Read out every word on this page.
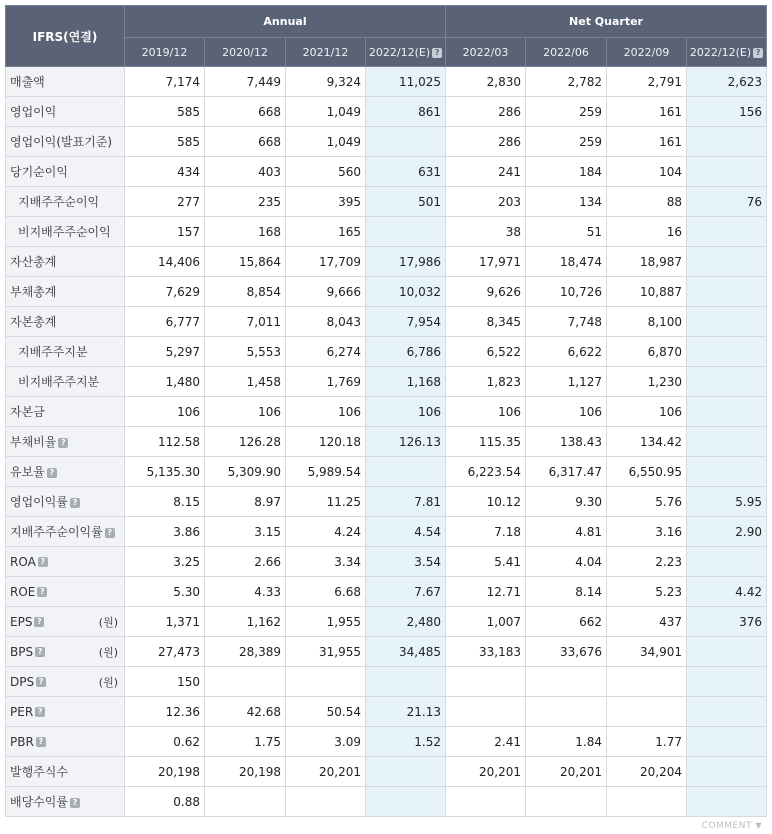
IFRS(연결)	Annual				Net Quarter			
	2019/12	2020/12	2021/12	2022/12(E) ?	2022/03	2022/06	2022/09	2022/12(E) ?
매출액	7,174	7,449	9,324	11,025	2,830	2,782	2,791	2,623
영업이익	585	668	1,049	861	286	259	161	156
영업이익(발표기준)	585	668	1,049		286	259	161	
당기순이익	434	403	560	631	241	184	104	
지배주주순이익	277	235	395	501	203	134	88	76
비지배주주순이익	157	168	165		38	51	16	
자산총계	14,406	15,864	17,709	17,986	17,971	18,474	18,987	
부채총계	7,629	8,854	9,666	10,032	9,626	10,726	10,887	
자본총계	6,777	7,011	8,043	7,954	8,345	7,748	8,100	
지배주주지분	5,297	5,553	6,274	6,786	6,522	6,622	6,870	
비지배주주지분	1,480	1,458	1,769	1,168	1,823	1,127	1,230	
자본금	106	106	106	106	106	106	106	
부채비율 ?	112.58	126.28	120.18	126.13	115.35	138.43	134.42	
유보율 ?	5,135.30	5,309.90	5,989.54		6,223.54	6,317.47	6,550.95	
영업이익률 ?	8.15	8.97	11.25	7.81	10.12	9.30	5.76	5.95
지배주주순이익률 ?	3.86	3.15	4.24	4.54	7.18	4.81	3.16	2.90
ROA ?	3.25	2.66	3.34	3.54	5.41	4.04	2.23	
ROE ?	5.30	4.33	6.68	7.67	12.71	8.14	5.23	4.42
EPS ? (원)	1,371	1,162	1,955	2,480	1,007	662	437	376
BPS ? (원)	27,473	28,389	31,955	34,485	33,183	33,676	34,901	
DPS ? (원)	150							
PER ?	12.36	42.68	50.54	21.13				
PBR ?	0.62	1.75	3.09	1.52	2.41	1.84	1.77	
발행주식수	20,198	20,198	20,201		20,201	20,201	20,204	
배당수익률 ?	0.88							
COMMENT ▼
